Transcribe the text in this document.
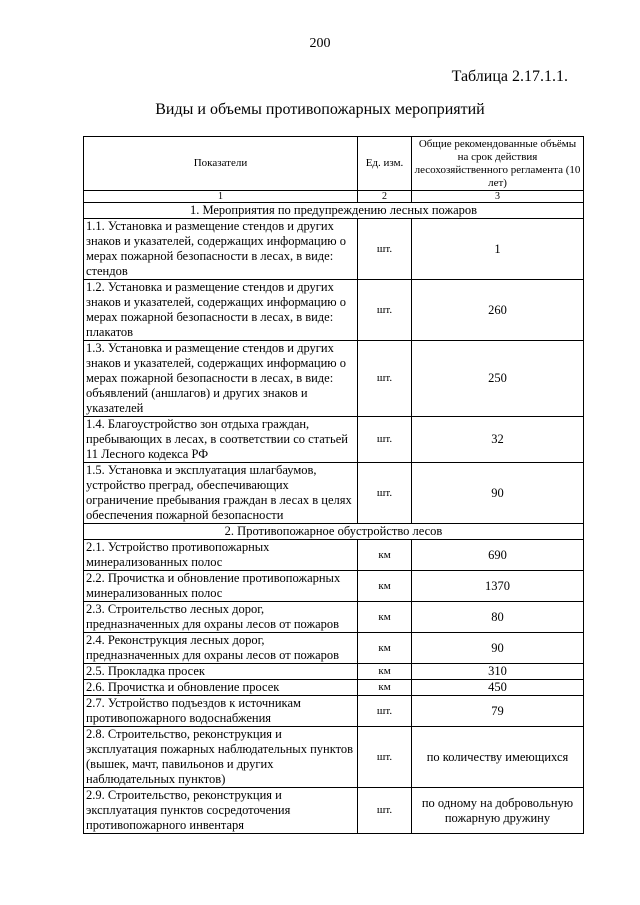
200
Таблица 2.17.1.1.
Виды и объемы противопожарных мероприятий
Показатели	Ед. изм.	Общие рекомендованные объёмы на срок действия лесохозяйственного регламента (10 лет)
1	2	3
1. Мероприятия по предупреждению лесных пожаров		
1.1. Установка и размещение стендов и других знаков и указателей, содержащих информацию о мерах пожарной безопасности в лесах, в виде: стендов	шт.	1
1.2. Установка и размещение стендов и других знаков и указателей, содержащих информацию о мерах пожарной безопасности в лесах, в виде: плакатов	шт.	260
1.3. Установка и размещение стендов и других знаков и указателей, содержащих информацию о мерах пожарной безопасности в лесах, в виде: объявлений (аншлагов) и других знаков и указателей	шт.	250
1.4. Благоустройство зон отдыха граждан, пребывающих в лесах, в соответствии со статьей 11 Лесного кодекса РФ	шт.	32
1.5. Установка и эксплуатация шлагбаумов, устройство преград, обеспечивающих ограничение пребывания граждан в лесах в целях обеспечения пожарной безопасности	шт.	90
2. Противопожарное обустройство лесов		
2.1. Устройство противопожарных минерализованных полос	км	690
2.2. Прочистка и обновление противопожарных минерализованных полос	км	1370
2.3. Строительство лесных дорог, предназначенных для охраны лесов от пожаров	км	80
2.4. Реконструкция лесных дорог, предназначенных для охраны лесов от пожаров	км	90
2.5. Прокладка просек	км	310
2.6. Прочистка и обновление просек	км	450
2.7. Устройство подъездов к источникам противопожарного водоснабжения	шт.	79
2.8. Строительство, реконструкция и эксплуатация пожарных наблюдательных пунктов (вышек, мачт, павильонов и других наблюдательных пунктов)	шт.	по количеству имеющихся
2.9. Строительство, реконструкция и эксплуатация пунктов сосредоточения противопожарного инвентаря	шт.	по одному на добровольную пожарную дружину
